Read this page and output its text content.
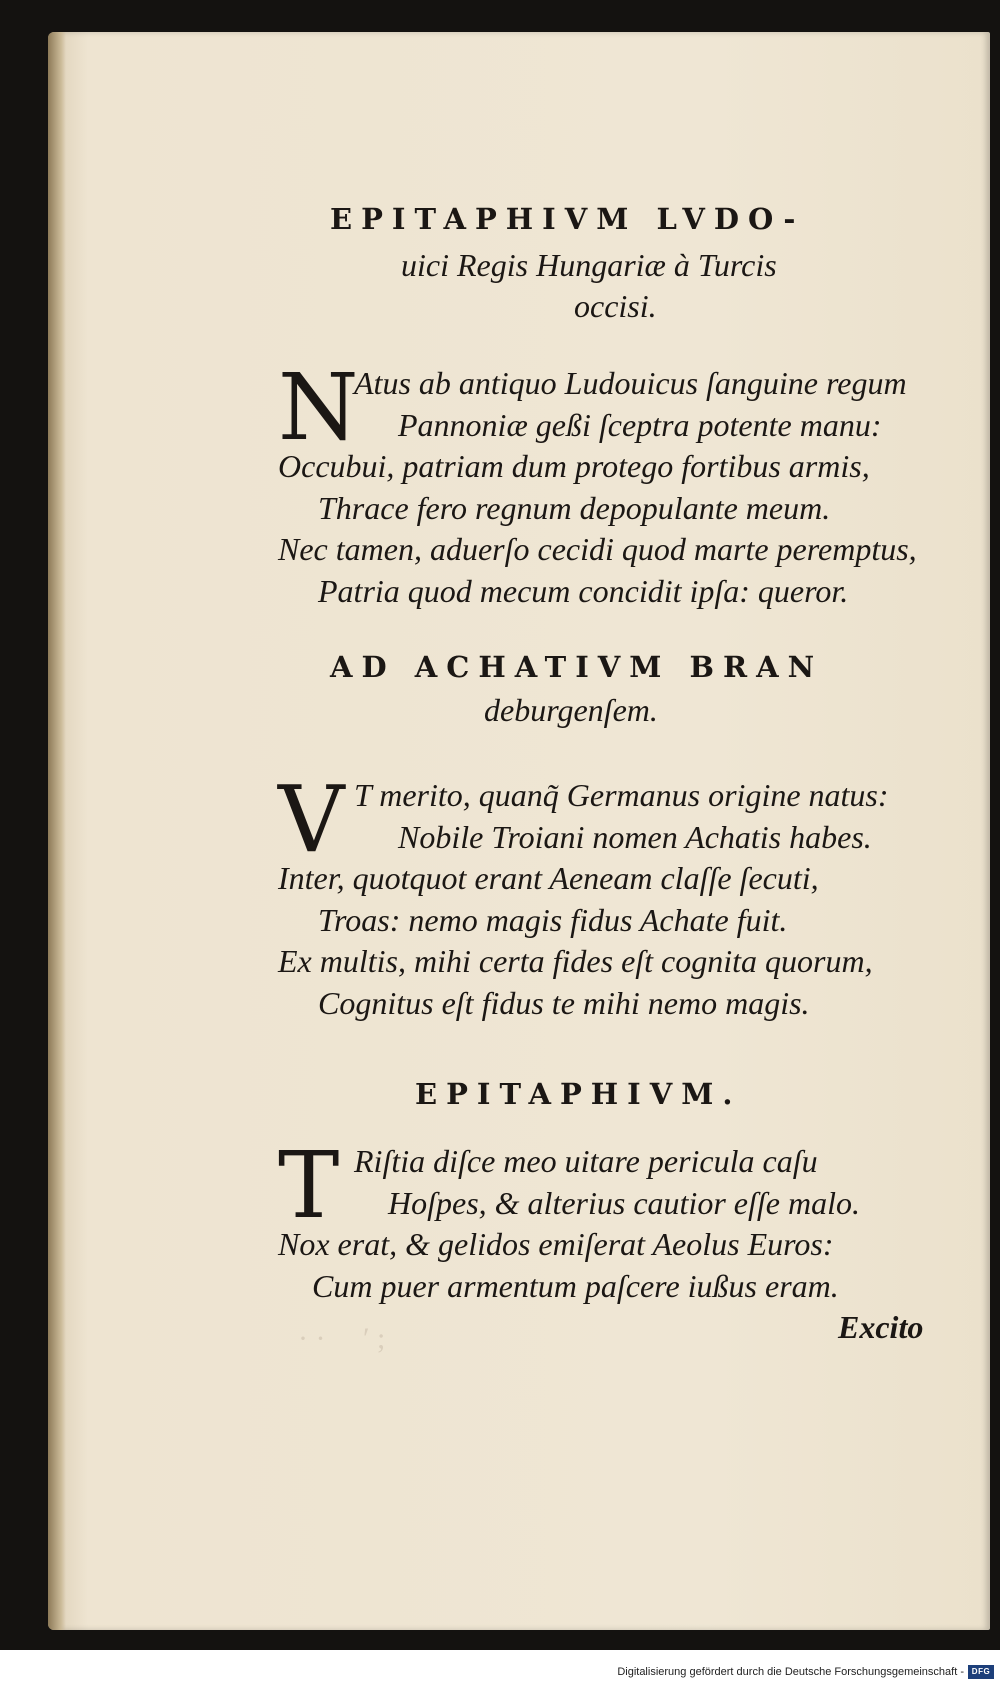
· ·     ʹ ;
EPITAPHIVM LVDO-
uici Regis Hungariæ à Turcis
occisi.
N
Atus ab antiquo Ludouicus ſanguine regum
Pannoniæ geßi ſceptra potente manu:
Occubui, patriam dum protego fortibus armis,
Thrace fero regnum depopulante meum.
Nec tamen, aduerſo cecidi quod marte peremptus,
Patria quod mecum concidit ipſa: queror.
AD ACHATIVM BRAN
deburgenſem.
V T merito, quanq̃ Germanus origine natus:
Nobile Troiani nomen Achatis habes.
Inter, quotquot erant Aeneam claſſe ſecuti,
Troas: nemo magis fidus Achate fuit.
Ex multis, mihi certa fides eſt cognita quorum,
Cognitus eſt fidus te mihi nemo magis.
EPITAPHIVM.
T Riſtia diſce meo uitare pericula caſu
Hoſpes, & alterius cautior eſſe malo.
Nox erat, & gelidos emiſerat Aeolus Euros:
Cum puer armentum paſcere iußus eram.
Excito
Digitalisierung gefördert durch die Deutsche Forschungsgemeinschaft - DFG
